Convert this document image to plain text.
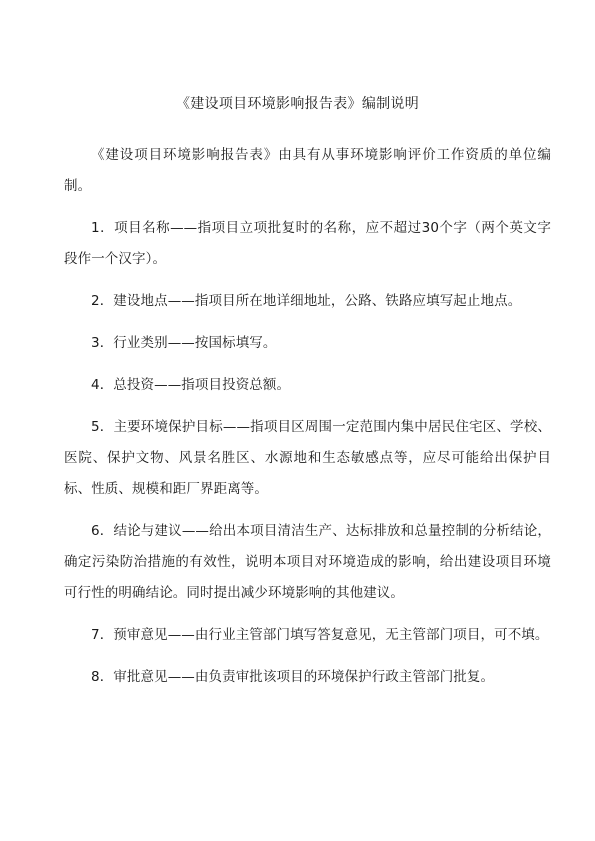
《建设项目环境影响报告表》编制说明

《建设项目环境影响报告表》由具有从事环境影响评价工作资质的单位编制。

1．项目名称——指项目立项批复时的名称，应不超过30个字（两个英文字段作一个汉字）。

2．建设地点——指项目所在地详细地址，公路、铁路应填写起止地点。

3．行业类别——按国标填写。

4．总投资——指项目投资总额。

5．主要环境保护目标——指项目区周围一定范围内集中居民住宅区、学校、医院、保护文物、风景名胜区、水源地和生态敏感点等，应尽可能给出保护目标、性质、规模和距厂界距离等。

6．结论与建议——给出本项目清洁生产、达标排放和总量控制的分析结论，确定污染防治措施的有效性，说明本项目对环境造成的影响，给出建设项目环境可行性的明确结论。同时提出减少环境影响的其他建议。

7．预审意见——由行业主管部门填写答复意见，无主管部门项目，可不填。

8．审批意见——由负责审批该项目的环境保护行政主管部门批复。
